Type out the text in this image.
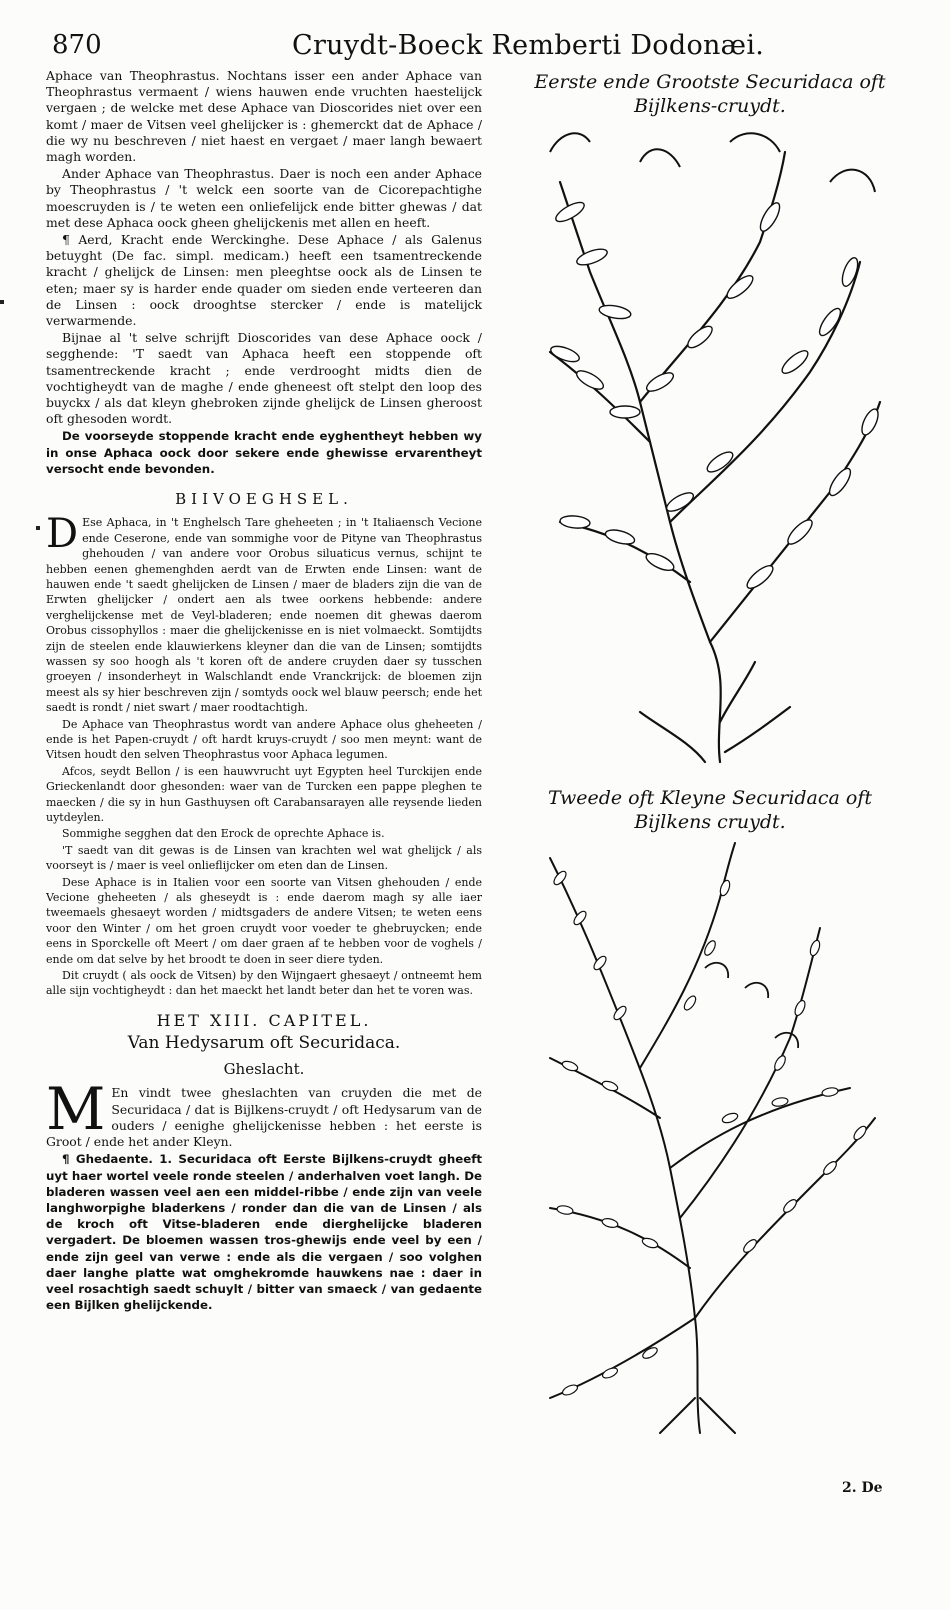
870	Cruydt-Boeck Remberti Dodonæi.

Aphace van Theophrastus. Nochtans isser een ander Aphace van Theophrastus vermaent / wiens hauwen ende vruchten haestelijck vergaen ; de welcke met dese Aphace van Dioscorides niet over een komt / maer de Vitsen veel ghelijcker is : ghemerckt dat de Aphace / die wy nu beschreven / niet haest en vergaet / maer langh bewaert magh worden.

Ander Aphace van Theophrastus. Daer is noch een ander Aphace by Theophrastus / 't welck een soorte van de Cicorepachtighe moescruyden is / te weten een onliefelijck ende bitter ghewas / dat met dese Aphaca oock gheen ghelijckenis met allen en heeft.

¶ Aerd, Kracht ende Werckinghe. Dese Aphace / als Galenus betuyght (De fac. simpl. medicam.) heeft een tsamentreckende kracht / ghelijck de Linsen: men pleeghtse oock als de Linsen te eten; maer sy is harder ende quader om sieden ende verteeren dan de Linsen : oock drooghtse stercker / ende is matelijck verwarmende.

Bijnae al 't selve schrijft Dioscorides van dese Aphace oock / segghende: 'T saedt van Aphaca heeft een stoppende oft tsamentreckende kracht ; ende verdrooght midts dien de vochtigheydt van de maghe / ende gheneest oft stelpt den loop des buyckx / als dat kleyn ghebroken zijnde ghelijck de Linsen gheroost oft ghesoden wordt.

De voorseyde stoppende kracht ende eyghentheyt hebben wy in onse Aphaca oock door sekere ende ghewisse ervarentheyt versocht ende bevonden.

BIIVOEGHSEL.

D Ese Aphaca, in 't Enghelsch Tare gheheeten ; in 't Italiaensch Vecione ende Ceserone, ende van sommighe voor de Pityne van Theophrastus ghehouden / van andere voor Orobus siluaticus vernus, schijnt te hebben eenen ghemenghden aerdt van de Erwten ende Linsen: want de hauwen ende 't saedt ghelijcken de Linsen / maer de bladers zijn die van de Erwten ghelijcker / ondert aen als twee oorkens hebbende: andere verghelijckense met de Veyl-bladeren; ende noemen dit ghewas daerom Orobus cissophyllos : maer die ghelijckenisse en is niet volmaeckt. Somtijdts zijn de steelen ende klauwierkens kleyner dan die van de Linsen; somtijdts wassen sy soo hoogh als 't koren oft de andere cruyden daer sy tusschen groeyen / insonderheyt in Walschlandt ende Vranckrijck: de bloemen zijn meest als sy hier beschreven zijn / somtyds oock wel blauw peersch; ende het saedt is rondt / niet swart / maer roodtachtigh.

De Aphace van Theophrastus wordt van andere Aphace olus gheheeten / ende is het Papen-cruydt / oft hardt kruys-cruydt / soo men meynt: want de Vitsen houdt den selven Theophrastus voor Aphaca legumen.

Afcos, seydt Bellon / is een hauwvrucht uyt Egypten heel Turckijen ende Grieckenlandt door ghesonden: waer van de Turcken een pappe pleghen te maecken / die sy in hun Gasthuysen oft Carabansarayen alle reysende lieden uytdeylen.

Sommighe segghen dat den Erock de oprechte Aphace is.

'T saedt van dit gewas is de Linsen van krachten wel wat ghelijck / als voorseyt is / maer is veel onlieflijcker om eten dan de Linsen.

Dese Aphace is in Italien voor een soorte van Vitsen ghehouden / ende Vecione gheheeten / als gheseydt is : ende daerom magh sy alle iaer tweemaels ghesaeyt worden / midtsgaders de andere Vitsen; te weten eens voor den Winter / om het groen cruydt voor voeder te ghebruycken; ende eens in Sporckelle oft Meert / om daer graen af te hebben voor de voghels / ende om dat selve by het broodt te doen in seer diere tyden.

Dit cruydt ( als oock de Vitsen) by den Wijngaert ghesaeyt / ontneemt hem alle sijn vochtigheydt : dan het maeckt het landt beter dan het te voren was.

HET XIII. CAPITEL.
Van Hedysarum oft Securidaca.
Gheslacht.

M En vindt twee gheslachten van cruyden die met de Securidaca / dat is Bijlkens-cruydt / oft Hedysarum van de ouders / eenighe ghelijckenisse hebben : het eerste is Groot / ende het ander Kleyn.

¶ Ghedaente. 1. Securidaca oft Eerste Bijlkens-cruydt gheeft uyt haer wortel veele ronde steelen / anderhalven voet langh. De bladeren wassen veel aen een middel-ribbe / ende zijn van veele langhworpighe bladerkens / ronder dan die van de Linsen / als de kroch oft Vitse-bladeren ende dierghelijcke bladeren vergadert. De bloemen wassen tros-ghewijs ende veel by een / ende zijn geel van verwe : ende als die vergaen / soo volghen daer langhe platte wat omghekromde hauwkens nae : daer in veel rosachtigh saedt schuylt / bitter van smaeck / van gedaente een Bijlken ghelijckende.

Eerste ende Grootste Securidaca oft Bijlkens-cruydt.
Tweede oft Kleyne Securidaca oft Bijlkens cruydt.
2. De
